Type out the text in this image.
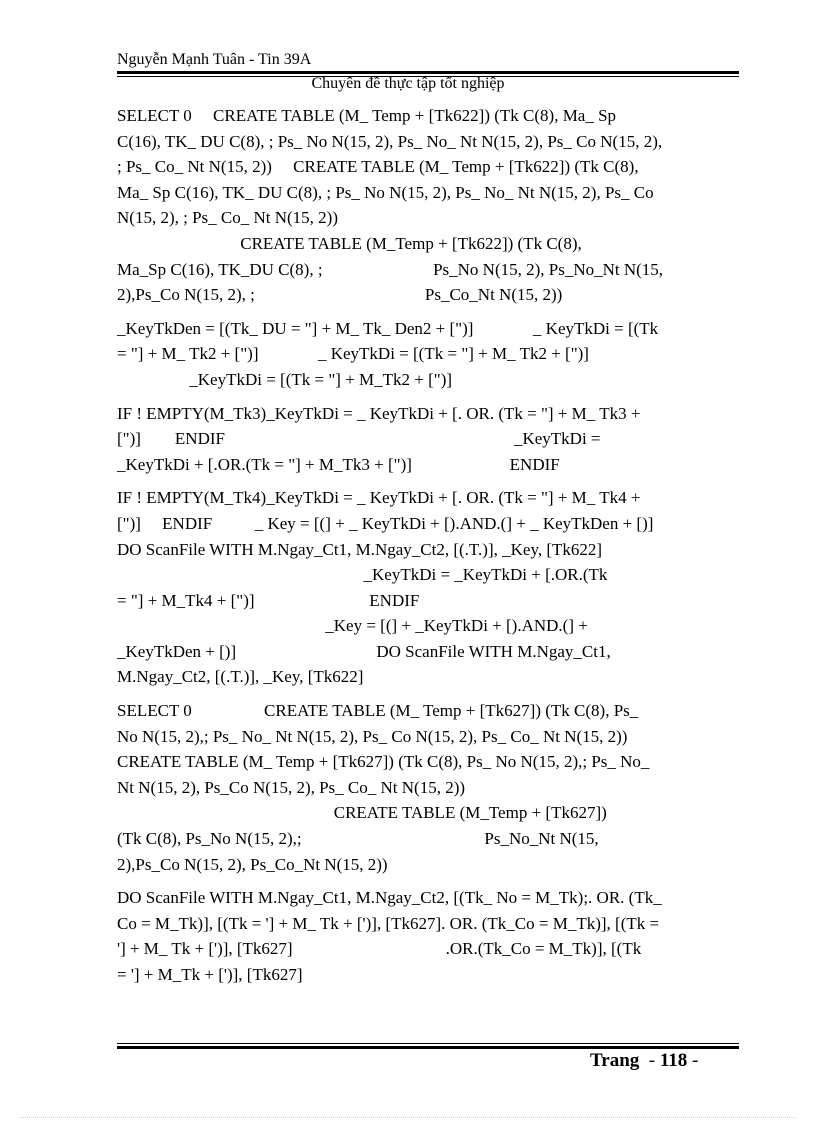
Nguyễn Mạnh Tuân - Tin 39A
Chuyên đề thực tập tốt nghiệp
SELECT 0     CREATE TABLE (M_ Temp + [Tk622]) (Tk C(8), Ma_ Sp
C(16), TK_ DU C(8), ; Ps_ No N(15, 2), Ps_ No_ Nt N(15, 2), Ps_ Co N(15, 2),
; Ps_ Co_ Nt N(15, 2))     CREATE TABLE (M_ Temp + [Tk622]) (Tk C(8),
Ma_ Sp C(16), TK_ DU C(8), ; Ps_ No N(15, 2), Ps_ No_ Nt N(15, 2), Ps_ Co
N(15, 2), ; Ps_ Co_ Nt N(15, 2))
CREATE TABLE (M_Temp + [Tk622]) (Tk C(8),
Ma_Sp C(16), TK_DU C(8), ;                          Ps_No N(15, 2), Ps_No_Nt N(15,
2),Ps_Co N(15, 2), ;                                        Ps_Co_Nt N(15, 2))
_KeyTkDen = [(Tk_ DU = "] + M_ Tk_ Den2 + [")]              _ KeyTkDi = [(Tk
= "] + M_ Tk2 + [")]              _ KeyTkDi = [(Tk = "] + M_ Tk2 + [")]
_KeyTkDi = [(Tk = "] + M_Tk2 + [")]
IF ! EMPTY(M_Tk3)_KeyTkDi = _ KeyTkDi + [. OR. (Tk = "] + M_ Tk3 +
[")]        ENDIF                                                                    _KeyTkDi =
_KeyTkDi + [.OR.(Tk = "] + M_Tk3 + [")]                       ENDIF
IF ! EMPTY(M_Tk4)_KeyTkDi = _ KeyTkDi + [. OR. (Tk = "] + M_ Tk4 +
[")]     ENDIF          _ Key = [(] + _ KeyTkDi + [).AND.(] + _ KeyTkDen + [)]
DO ScanFile WITH M.Ngay_Ct1, M.Ngay_Ct2, [(.T.)], _Key, [Tk622]
_KeyTkDi = _KeyTkDi + [.OR.(Tk
= "] + M_Tk4 + [")]                           ENDIF
_Key = [(] + _KeyTkDi + [).AND.(] +
_KeyTkDen + [)]                                 DO ScanFile WITH M.Ngay_Ct1,
M.Ngay_Ct2, [(.T.)], _Key, [Tk622]
SELECT 0                 CREATE TABLE (M_ Temp + [Tk627]) (Tk C(8), Ps_
No N(15, 2),; Ps_ No_ Nt N(15, 2), Ps_ Co N(15, 2), Ps_ Co_ Nt N(15, 2))
CREATE TABLE (M_ Temp + [Tk627]) (Tk C(8), Ps_ No N(15, 2),; Ps_ No_
Nt N(15, 2), Ps_Co N(15, 2), Ps_ Co_ Nt N(15, 2))
CREATE TABLE (M_Temp + [Tk627])
(Tk C(8), Ps_No N(15, 2),;                                           Ps_No_Nt N(15,
2),Ps_Co N(15, 2), Ps_Co_Nt N(15, 2))
DO ScanFile WITH M.Ngay_Ct1, M.Ngay_Ct2, [(Tk_ No = M_Tk);. OR. (Tk_
Co = M_Tk)], [(Tk = '] + M_ Tk + [')], [Tk627]. OR. (Tk_Co = M_Tk)], [(Tk =
'] + M_ Tk + [')], [Tk627]                                    .OR.(Tk_Co = M_Tk)], [(Tk
= '] + M_Tk + [')], [Tk627]
Trang  - 118 -
